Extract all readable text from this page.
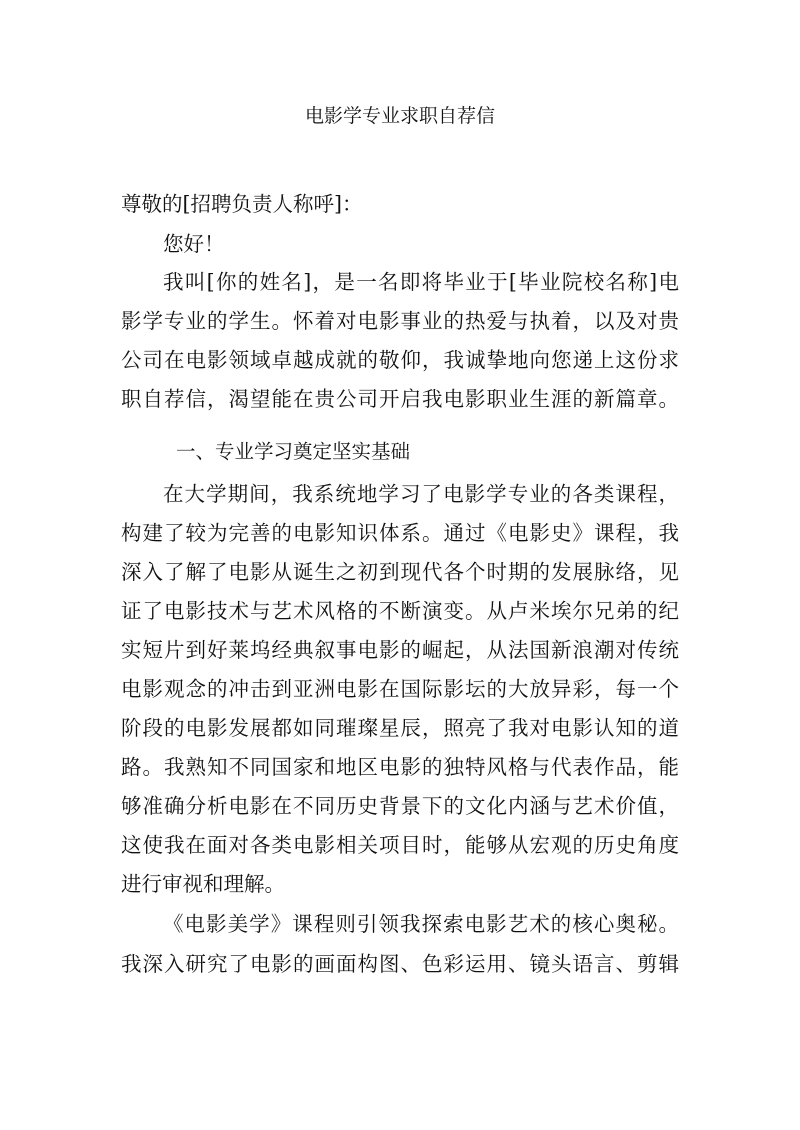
电影学专业求职自荐信
尊敬的[招聘负责人称呼]：
您好！
我叫[你的姓名]，是一名即将毕业于[毕业院校名称]电
影学专业的学生。怀着对电影事业的热爱与执着，以及对贵
公司在电影领域卓越成就的敬仰，我诚挚地向您递上这份求
职自荐信，渴望能在贵公司开启我电影职业生涯的新篇章。
一、专业学习奠定坚实基础
在大学期间，我系统地学习了电影学专业的各类课程，
构建了较为完善的电影知识体系。通过《电影史》课程，我
深入了解了电影从诞生之初到现代各个时期的发展脉络，见
证了电影技术与艺术风格的不断演变。从卢米埃尔兄弟的纪
实短片到好莱坞经典叙事电影的崛起，从法国新浪潮对传统
电影观念的冲击到亚洲电影在国际影坛的大放异彩，每一个
阶段的电影发展都如同璀璨星辰，照亮了我对电影认知的道
路。我熟知不同国家和地区电影的独特风格与代表作品，能
够准确分析电影在不同历史背景下的文化内涵与艺术价值，
这使我在面对各类电影相关项目时，能够从宏观的历史角度
进行审视和理解。
《电影美学》课程则引领我探索电影艺术的核心奥秘。
我深入研究了电影的画面构图、色彩运用、镜头语言、剪辑
